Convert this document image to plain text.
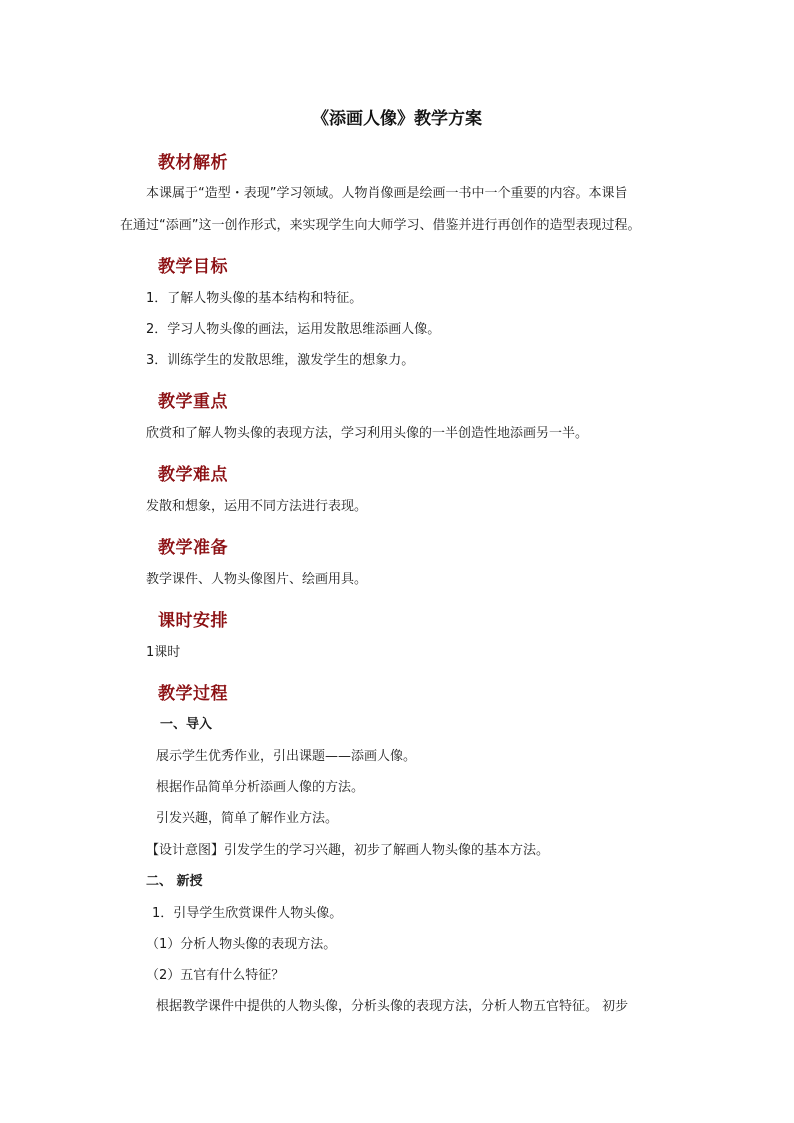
《添画人像》教学方案
教材解析
本课属于“造型・表现”学习领域。人物肖像画是绘画一书中一个重要的内容。本课旨
在通过“添画”这一创作形式，来实现学生向大师学习、借鉴并进行再创作的造型表现过程。
教学目标
1．了解人物头像的基本结构和特征。
2．学习人物头像的画法，运用发散思维添画人像。
3．训练学生的发散思维，激发学生的想象力。
教学重点
欣赏和了解人物头像的表现方法，学习利用头像的一半创造性地添画另一半。
教学难点
发散和想象，运用不同方法进行表现。
教学准备
教学课件、人物头像图片、绘画用具。
课时安排
1课时
教学过程
一、导入
展示学生优秀作业，引出课题——添画人像。
根据作品简单分析添画人像的方法。
引发兴趣，简单了解作业方法。
【设计意图】引发学生的学习兴趣，初步了解画人物头像的基本方法。
二、 新授
1．引导学生欣赏课件人物头像。
（1）分析人物头像的表现方法。
（2）五官有什么特征？
根据教学课件中提供的人物头像，分析头像的表现方法，分析人物五官特征。 初步
